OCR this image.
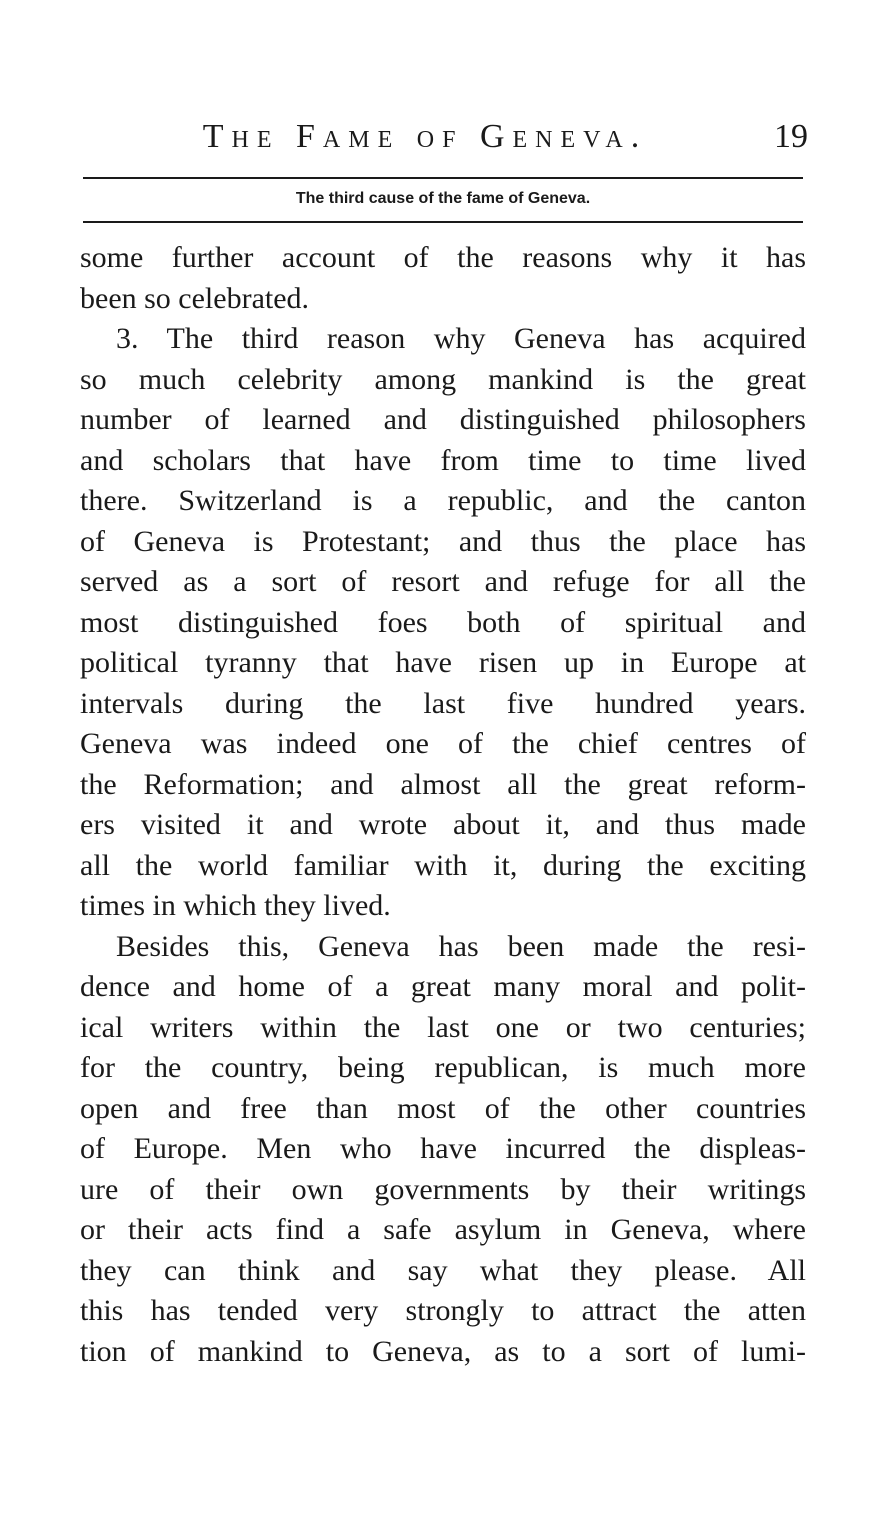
The Fame of Geneva.	19
The third cause of the fame of Geneva.
some further account of the reasons why it has
been so celebrated.
3. The third reason why Geneva has acquired
so much celebrity among mankind is the great
number of learned and distinguished philosophers
and scholars that have from time to time lived
there. Switzerland is a republic, and the canton
of Geneva is Protestant; and thus the place has
served as a sort of resort and refuge for all the
most distinguished foes both of spiritual and
political tyranny that have risen up in Europe at
intervals during the last five hundred years.
Geneva was indeed one of the chief centres of
the Reformation; and almost all the great reform-
ers visited it and wrote about it, and thus made
all the world familiar with it, during the exciting
times in which they lived.
Besides this, Geneva has been made the resi-
dence and home of a great many moral and polit-
ical writers within the last one or two centuries;
for the country, being republican, is much more
open and free than most of the other countries
of Europe. Men who have incurred the displeas-
ure of their own governments by their writings
or their acts find a safe asylum in Geneva, where
they can think and say what they please. All
this has tended very strongly to attract the atten
tion of mankind to Geneva, as to a sort of lumi-
